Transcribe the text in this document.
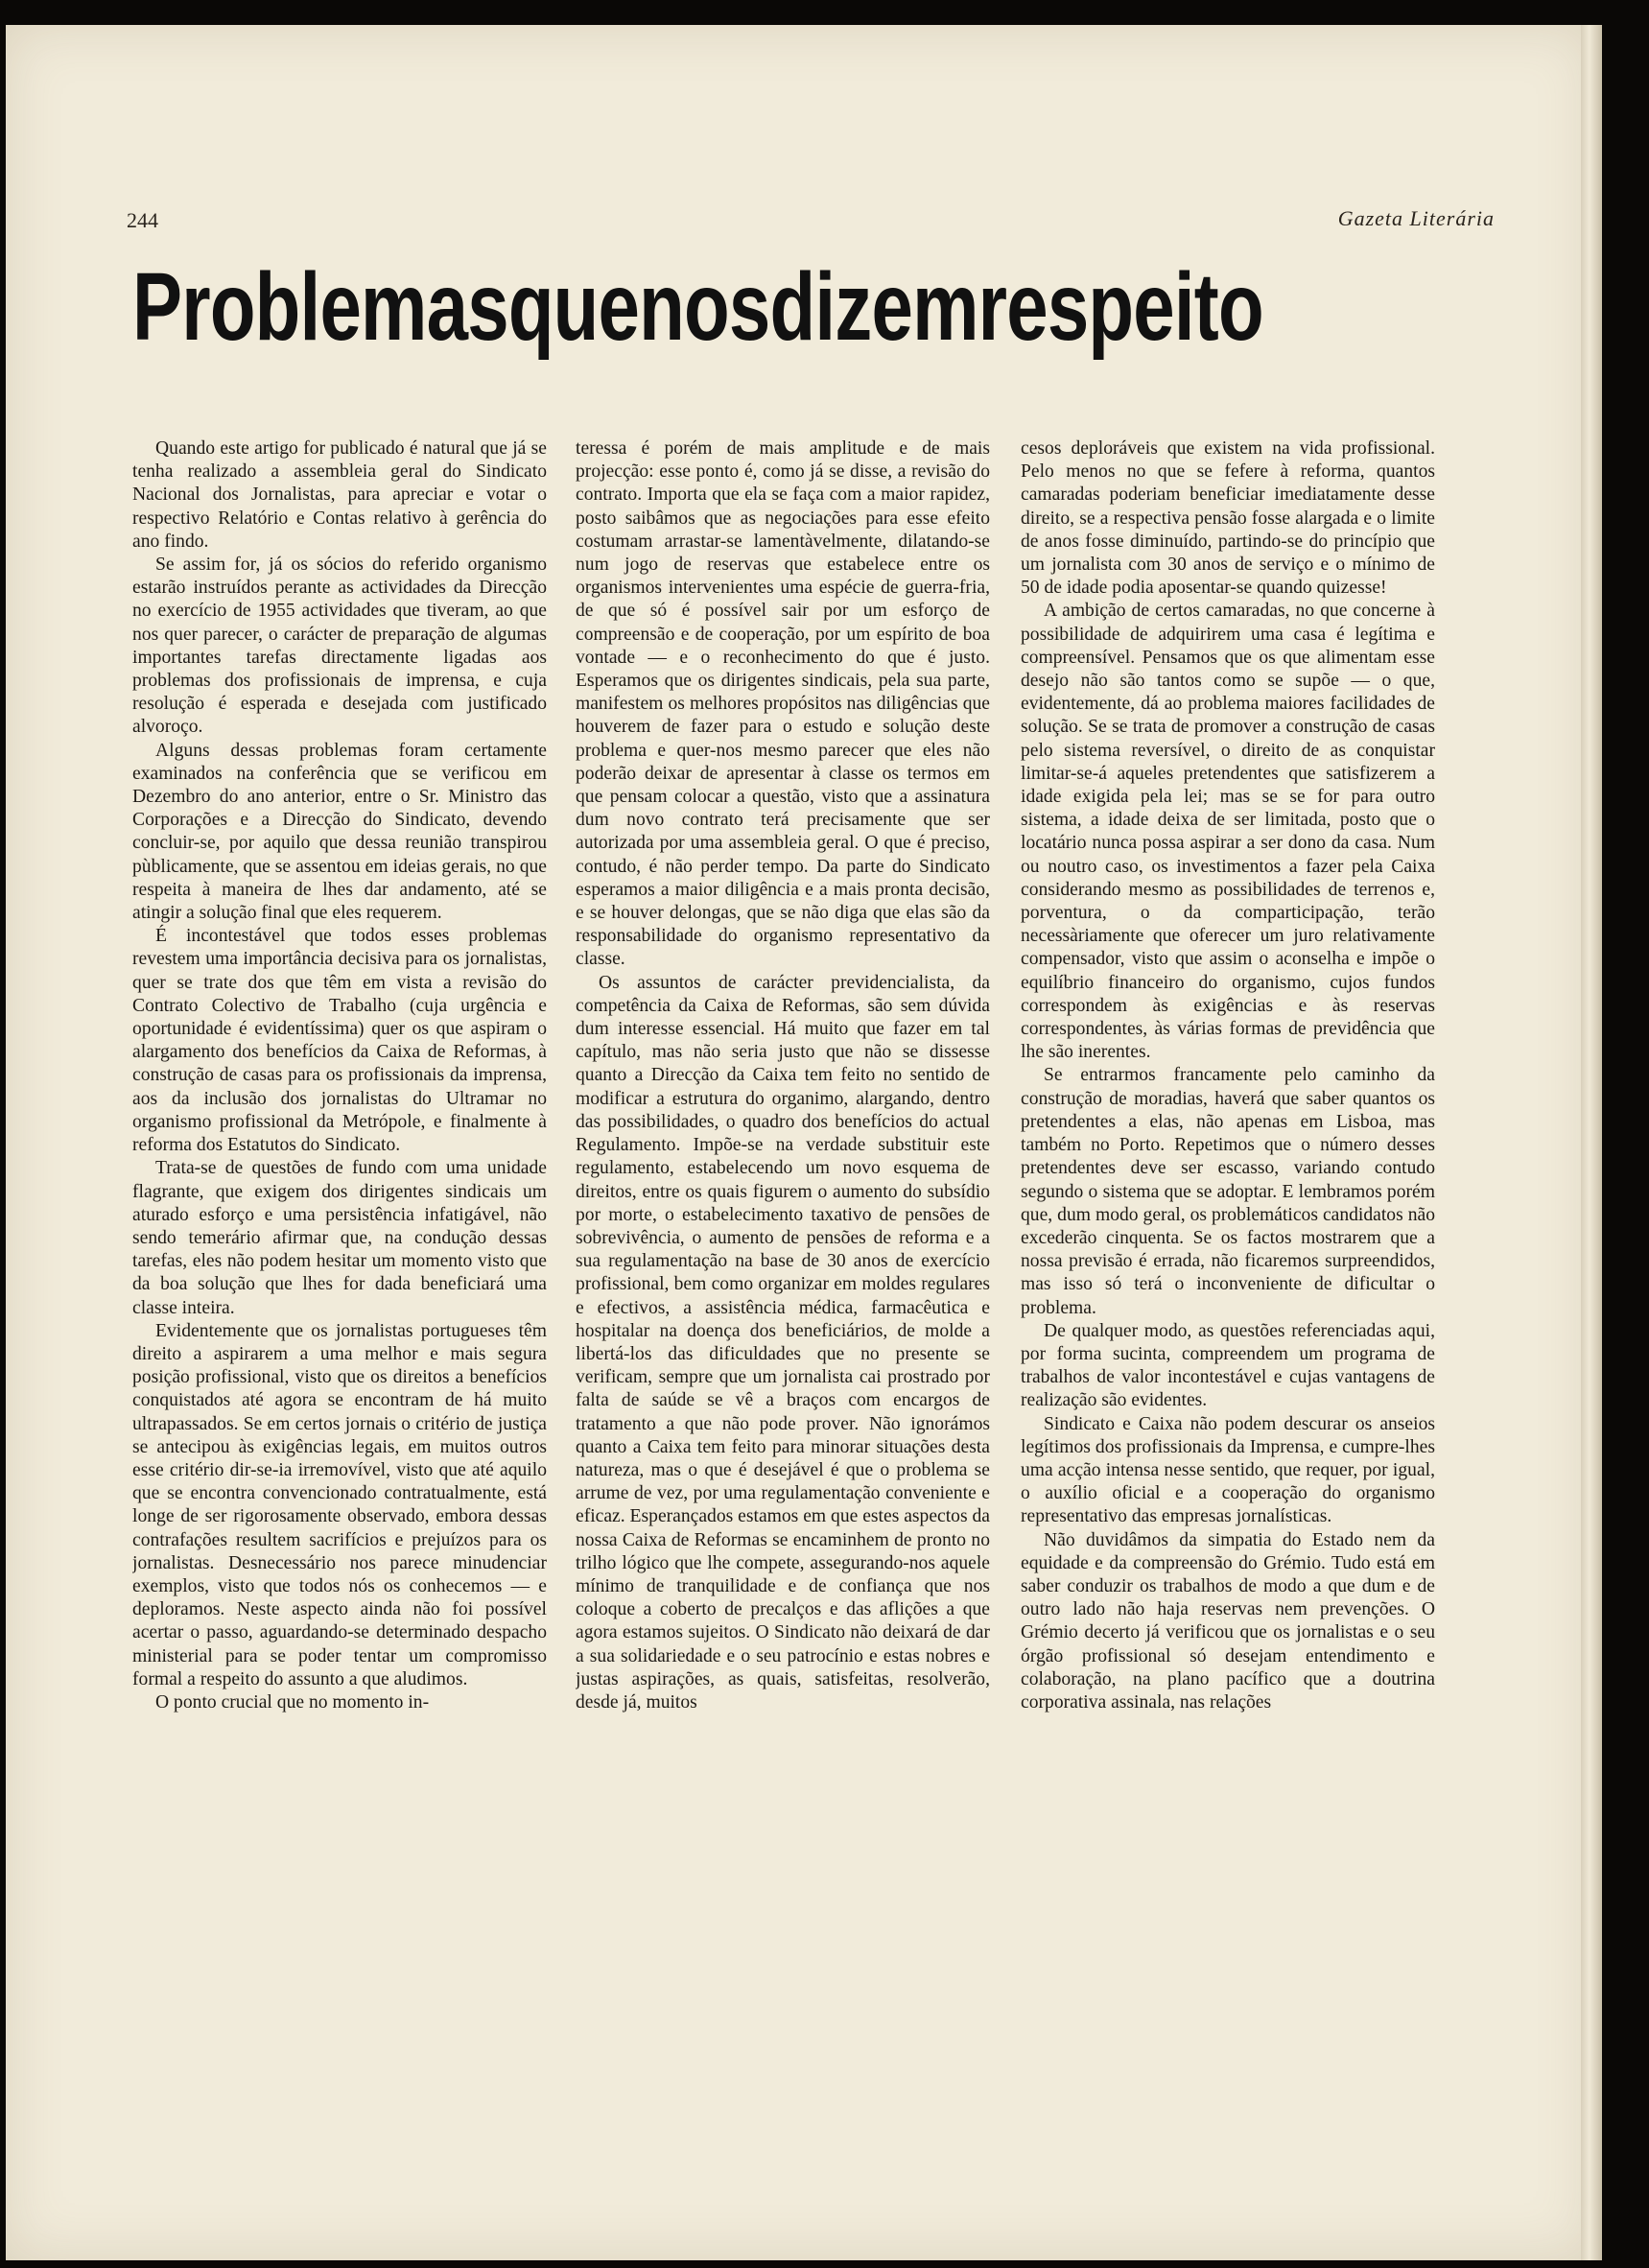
244	Gazeta Literária
Problemas que nos dizem respeito

Quando este artigo for publicado é natural que já se tenha realizado a assembleia geral do Sindicato Nacional dos Jornalistas, para apreciar e votar o respectivo Relatório e Contas relativo à gerência do ano findo.

Se assim for, já os sócios do referido organismo estarão instruídos perante as actividades da Direcção no exercício de 1955 actividades que tiveram, ao que nos quer parecer, o carácter de preparação de algumas importantes tarefas directamente ligadas aos problemas dos profissionais de imprensa, e cuja resolução é esperada e desejada com justificado alvoroço.

Alguns dessas problemas foram certamente examinados na conferência que se verificou em Dezembro do ano anterior, entre o Sr. Ministro das Corporações e a Direcção do Sindicato, devendo concluir-se, por aquilo que dessa reunião transpirou pùblicamente, que se assentou em ideias gerais, no que respeita à maneira de lhes dar andamento, até se atingir a solução final que eles requerem.

É incontestável que todos esses problemas revestem uma importância decisiva para os jornalistas, quer se trate dos que têm em vista a revisão do Contrato Colectivo de Trabalho (cuja urgência e oportunidade é evidentíssima) quer os que aspiram o alargamento dos benefícios da Caixa de Reformas, à construção de casas para os profissionais da imprensa, aos da inclusão dos jornalistas do Ultramar no organismo profissional da Metrópole, e finalmente à reforma dos Estatutos do Sindicato.

Trata-se de questões de fundo com uma unidade flagrante, que exigem dos dirigentes sindicais um aturado esforço e uma persistência infatigável, não sendo temerário afirmar que, na condução dessas tarefas, eles não podem hesitar um momento visto que da boa solução que lhes for dada beneficiará uma classe inteira.

Evidentemente que os jornalistas portugueses têm direito a aspirarem a uma melhor e mais segura posição profissional, visto que os direitos a benefícios conquistados até agora se encontram de há muito ultrapassados. Se em certos jornais o critério de justiça se antecipou às exigências legais, em muitos outros esse critério dir-se-ia irremovível, visto que até aquilo que se encontra convencionado contratualmente, está longe de ser rigorosamente observado, embora dessas contrafações resultem sacrifícios e prejuízos para os jornalistas. Desnecessário nos parece minudenciar exemplos, visto que todos nós os conhecemos — e deploramos. Neste aspecto ainda não foi possível acertar o passo, aguardando-se determinado despacho ministerial para se poder tentar um compromisso formal a respeito do assunto a que aludimos.

O ponto crucial que no momento in-

teressa é porém de mais amplitude e de mais projecção: esse ponto é, como já se disse, a revisão do contrato. Importa que ela se faça com a maior rapidez, posto saibâmos que as negociações para esse efeito costumam arrastar-se lamentàvelmente, dilatando-se num jogo de reservas que estabelece entre os organismos intervenientes uma espécie de guerra-fria, de que só é possível sair por um esforço de compreensão e de cooperação, por um espírito de boa vontade — e o reconhecimento do que é justo. Esperamos que os dirigentes sindicais, pela sua parte, manifestem os melhores propósitos nas diligências que houverem de fazer para o estudo e solução deste problema e quer-nos mesmo parecer que eles não poderão deixar de apresentar à classe os termos em que pensam colocar a questão, visto que a assinatura dum novo contrato terá precisamente que ser autorizada por uma assembleia geral. O que é preciso, contudo, é não perder tempo. Da parte do Sindicato esperamos a maior diligência e a mais pronta decisão, e se houver delongas, que se não diga que elas são da responsabilidade do organismo representativo da classe.

Os assuntos de carácter previdencialista, da competência da Caixa de Reformas, são sem dúvida dum interesse essencial. Há muito que fazer em tal capítulo, mas não seria justo que não se dissesse quanto a Direcção da Caixa tem feito no sentido de modificar a estrutura do organimo, alargando, dentro das possibilidades, o quadro dos benefícios do actual Regulamento. Impõe-se na verdade substituir este regulamento, estabelecendo um novo esquema de direitos, entre os quais figurem o aumento do subsídio por morte, o estabelecimento taxativo de pensões de sobrevivência, o aumento de pensões de reforma e a sua regulamentação na base de 30 anos de exercício profissional, bem como organizar em moldes regulares e efectivos, a assistência médica, farmacêutica e hospitalar na doença dos beneficiários, de molde a libertá-los das dificuldades que no presente se verificam, sempre que um jornalista cai prostrado por falta de saúde se vê a braços com encargos de tratamento a que não pode prover. Não ignorámos quanto a Caixa tem feito para minorar situações desta natureza, mas o que é desejável é que o problema se arrume de vez, por uma regulamentação conveniente e eficaz. Esperançados estamos em que estes aspectos da nossa Caixa de Reformas se encaminhem de pronto no trilho lógico que lhe compete, assegurando-nos aquele mínimo de tranquilidade e de confiança que nos coloque a coberto de precalços e das aflições a que agora estamos sujeitos. O Sindicato não deixará de dar a sua solidariedade e o seu patrocínio e estas nobres e justas aspirações, as quais, satisfeitas, resolverão, desde já, muitos

cesos deploráveis que existem na vida profissional. Pelo menos no que se fefere à reforma, quantos camaradas poderiam beneficiar imediatamente desse direito, se a respectiva pensão fosse alargada e o limite de anos fosse diminuído, partindo-se do princípio que um jornalista com 30 anos de serviço e o mínimo de 50 de idade podia aposentar-se quando quizesse!

A ambição de certos camaradas, no que concerne à possibilidade de adquirirem uma casa é legítima e compreensível. Pensamos que os que alimentam esse desejo não são tantos como se supõe — o que, evidentemente, dá ao problema maiores facilidades de solução. Se se trata de promover a construção de casas pelo sistema reversível, o direito de as conquistar limitar-se-á aqueles pretendentes que satisfizerem a idade exigida pela lei; mas se se for para outro sistema, a idade deixa de ser limitada, posto que o locatário nunca possa aspirar a ser dono da casa. Num ou noutro caso, os investimentos a fazer pela Caixa considerando mesmo as possibilidades de terrenos e, porventura, o da comparticipação, terão necessàriamente que oferecer um juro relativamente compensador, visto que assim o aconselha e impõe o equilíbrio financeiro do organismo, cujos fundos correspondem às exigências e às reservas correspondentes, às várias formas de previdência que lhe são inerentes.

Se entrarmos francamente pelo caminho da construção de moradias, haverá que saber quantos os pretendentes a elas, não apenas em Lisboa, mas também no Porto. Repetimos que o número desses pretendentes deve ser escasso, variando contudo segundo o sistema que se adoptar. E lembramos porém que, dum modo geral, os problemáticos candidatos não excederão cinquenta. Se os factos mostrarem que a nossa previsão é errada, não ficaremos surpreendidos, mas isso só terá o inconveniente de dificultar o problema.

De qualquer modo, as questões referenciadas aqui, por forma sucinta, compreendem um programa de trabalhos de valor incontestável e cujas vantagens de realização são evidentes.

Sindicato e Caixa não podem descurar os anseios legítimos dos profissionais da Imprensa, e cumpre-lhes uma acção intensa nesse sentido, que requer, por igual, o auxílio oficial e a cooperação do organismo representativo das empresas jornalísticas.

Não duvidâmos da simpatia do Estado nem da equidade e da compreensão do Grémio. Tudo está em saber conduzir os trabalhos de modo a que dum e de outro lado não haja reservas nem prevenções. O Grémio decerto já verificou que os jornalistas e o seu órgão profissional só desejam entendimento e colaboração, na plano pacífico que a doutrina corporativa assinala, nas relações
